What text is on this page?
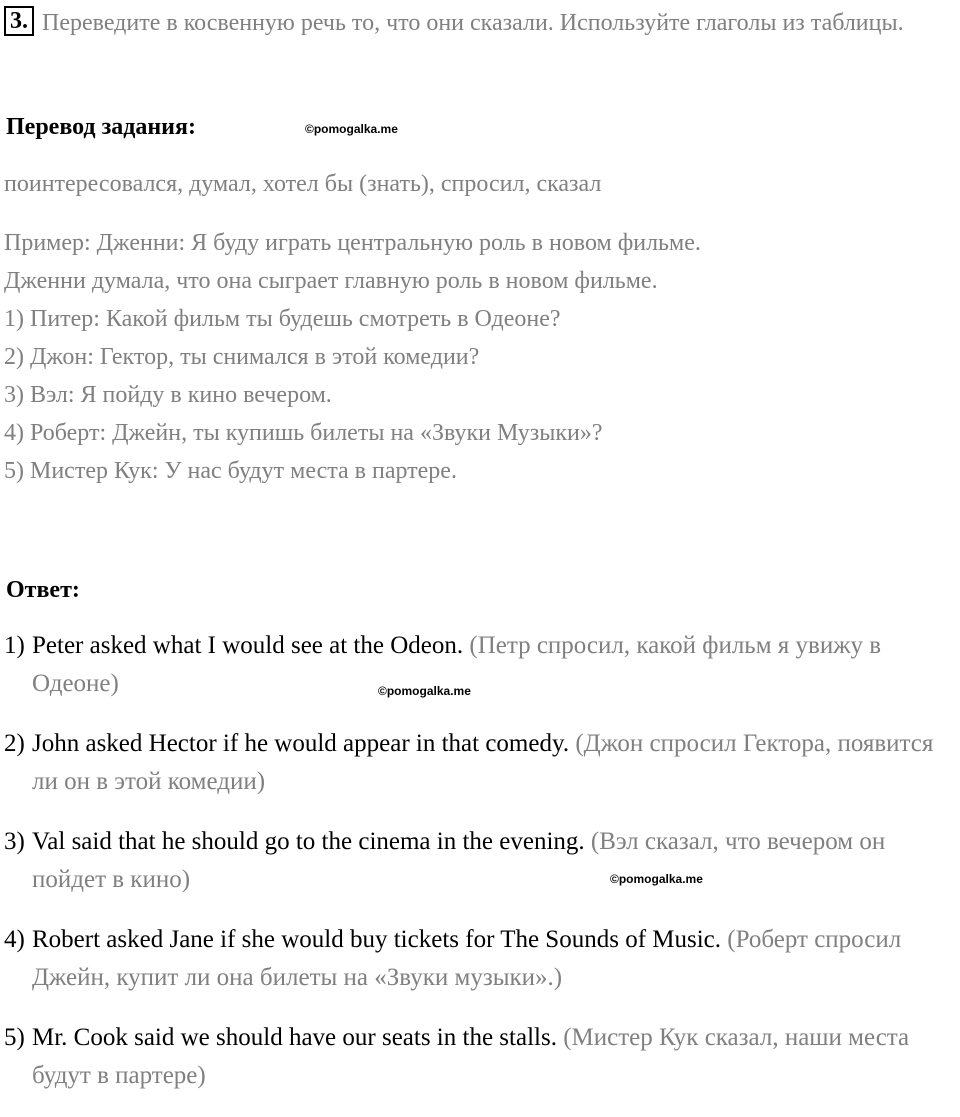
3. Переведите в косвенную речь то, что они сказали. Используйте глаголы из таблицы.
Перевод задания:	©pomogalka.me
поинтересовался, думал, хотел бы (знать), спросил, сказал
Пример: Дженни: Я буду играть центральную роль в новом фильме.
Дженни думала, что она сыграет главную роль в новом фильме.
1) Питер: Какой фильм ты будешь смотреть в Одеоне?
2) Джон: Гектор, ты снимался в этой комедии?
3) Вэл: Я пойду в кино вечером.
4) Роберт: Джейн, ты купишь билеты на «Звуки Музыки»?
5) Мистер Кук: У нас будут места в партере.
Ответ:
1) Peter asked what I would see at the Odeon. (Петр спросил, какой фильм я увижу в Одеоне)
2) John asked Hector if he would appear in that comedy. (Джон спросил Гектора, появится ли он в этой комедии)
3) Val said that he should go to the cinema in the evening. (Вэл сказал, что вечером он пойдет в кино)
4) Robert asked Jane if she would buy tickets for The Sounds of Music. (Роберт спросил Джейн, купит ли она билеты на «Звуки музыки».)
5) Mr. Cook said we should have our seats in the stalls. (Мистер Кук сказал, наши места будут в партере)
©pomogalka.me
©pomogalka.me
